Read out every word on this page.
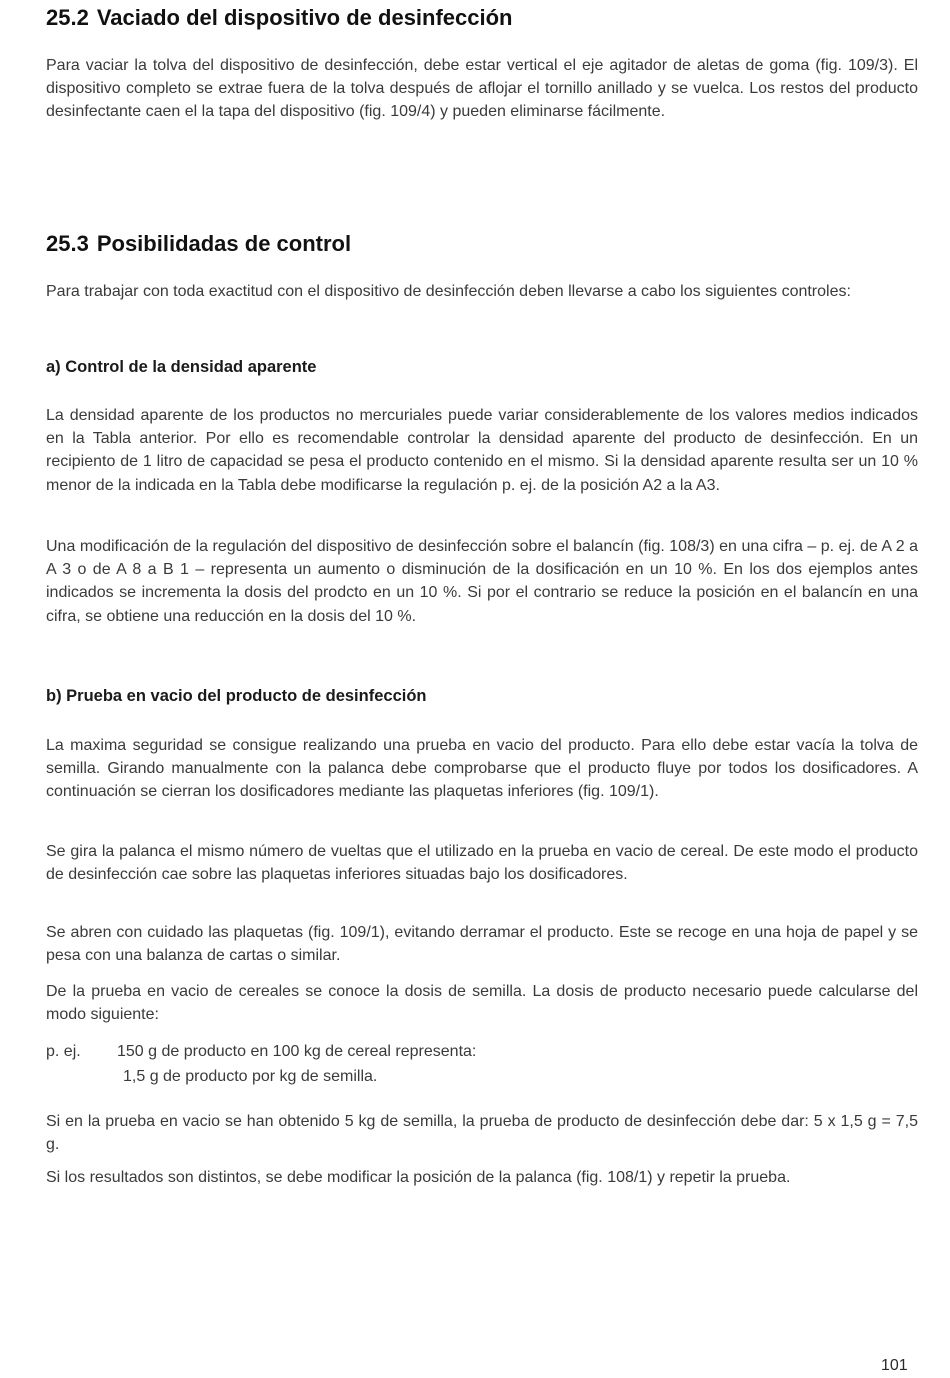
25.2 Vaciado del dispositivo de desinfección

Para vaciar la tolva del dispositivo de desinfección, debe estar vertical el eje agitador de aletas de goma (fig. 109/3). El dispositivo completo se extrae fuera de la tolva después de aflojar el tornillo anillado y se vuelca. Los restos del producto desinfectante caen el la tapa del dispositivo (fig. 109/4) y pueden eliminarse fácilmente.

25.3 Posibilidadas de control

Para trabajar con toda exactitud con el dispositivo de desinfección deben llevarse a cabo los siguientes controles:

a) Control de la densidad aparente

La densidad aparente de los productos no mercuriales puede variar considerablemente de los valores medios indicados en la Tabla anterior. Por ello es recomendable controlar la densidad aparente del producto de desinfección. En un recipiento de 1 litro de capacidad se pesa el producto contenido en el mismo. Si la densidad aparente resulta ser un 10 % menor de la indicada en la Tabla debe modificarse la regulación p. ej. de la posición A2 a la A3.

Una modificación de la regulación del dispositivo de desinfección sobre el balancín (fig. 108/3) en una cifra – p. ej. de A 2 a A 3 o de A 8 a B 1 – representa un aumento o disminución de la dosificación en un 10 %. En los dos ejemplos antes indicados se incrementa la dosis del prodcto en un 10 %. Si por el contrario se reduce la posición en el balancín en una cifra, se obtiene una reducción en la dosis del 10 %.

b) Prueba en vacio del producto de desinfección

La maxima seguridad se consigue realizando una prueba en vacio del producto. Para ello debe estar vacía la tolva de semilla. Girando manualmente con la palanca debe comprobarse que el producto fluye por todos los dosificadores. A continuación se cierran los dosificadores mediante las plaquetas inferiores (fig. 109/1).

Se gira la palanca el mismo número de vueltas que el utilizado en la prueba en vacio de cereal. De este modo el producto de desinfección cae sobre las plaquetas inferiores situadas bajo los dosificadores.

Se abren con cuidado las plaquetas (fig. 109/1), evitando derramar el producto. Este se recoge en una hoja de papel y se pesa con una balanza de cartas o similar.

De la prueba en vacio de cereales se conoce la dosis de semilla. La dosis de producto necesario puede calcularse del modo siguiente:

p. ej. 150 g de producto en 100 kg de cereal representa:
1,5 g de producto por kg de semilla.

Si en la prueba en vacio se han obtenido 5 kg de semilla, la prueba de producto de desinfección debe dar: 5 x 1,5 g = 7,5 g.

Si los resultados son distintos, se debe modificar la posición de la palanca (fig. 108/1) y repetir la prueba.

101
